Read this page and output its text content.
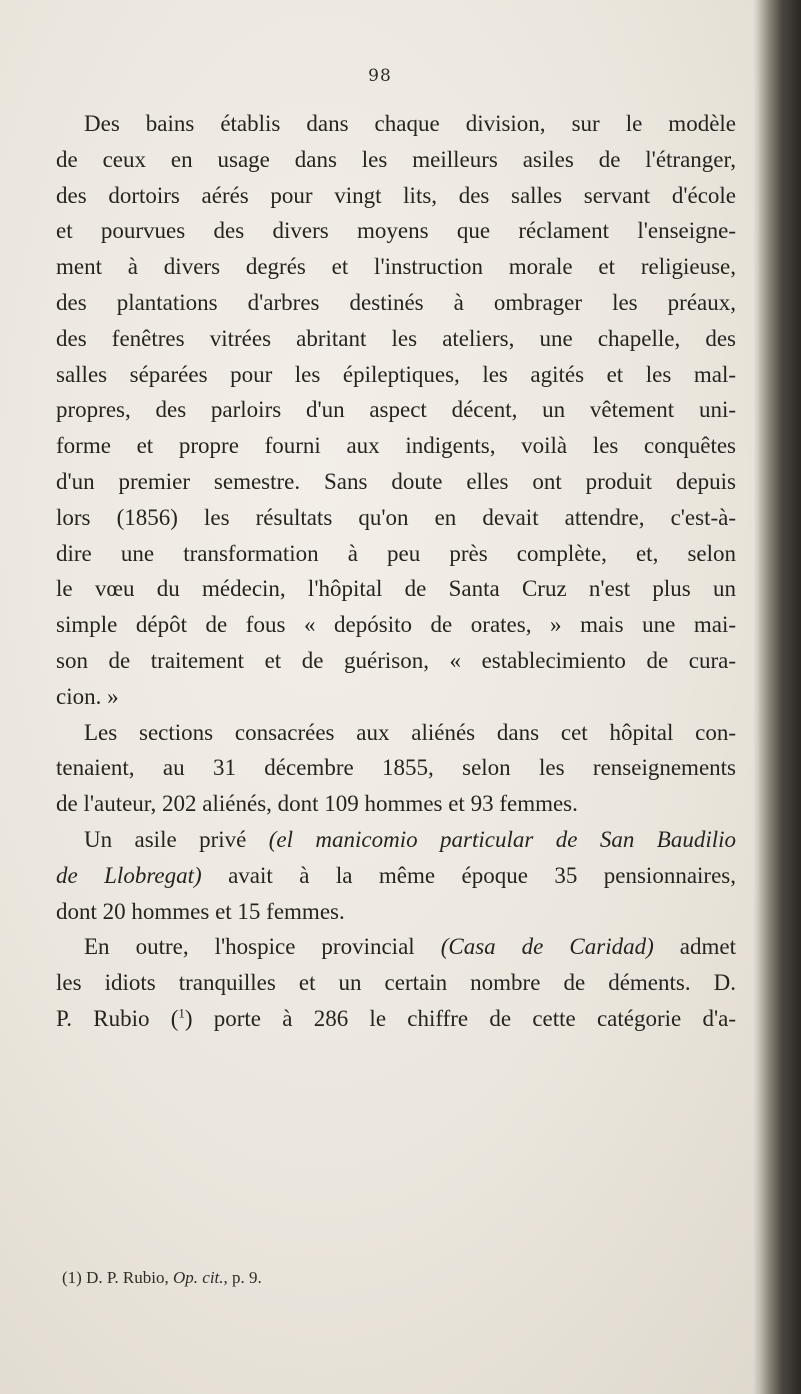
98
Des bains établis dans chaque division, sur le modèle
de ceux en usage dans les meilleurs asiles de l'étranger,
des dortoirs aérés pour vingt lits, des salles servant d'école
et pourvues des divers moyens que réclament l'enseigne-
ment à divers degrés et l'instruction morale et religieuse,
des plantations d'arbres destinés à ombrager les préaux,
des fenêtres vitrées abritant les ateliers, une chapelle, des
salles séparées pour les épileptiques, les agités et les mal-
propres, des parloirs d'un aspect décent, un vêtement uni-
forme et propre fourni aux indigents, voilà les conquêtes
d'un premier semestre. Sans doute elles ont produit depuis
lors (1856) les résultats qu'on en devait attendre, c'est-à-
dire une transformation à peu près complète, et, selon
le vœu du médecin, l'hôpital de Santa Cruz n'est plus un
simple dépôt de fous « depósito de orates, » mais une mai-
son de traitement et de guérison, « establecimiento de cura-
cion. »
Les sections consacrées aux aliénés dans cet hôpital con-
tenaient, au 31 décembre 1855, selon les renseignements
de l'auteur, 202 aliénés, dont 109 hommes et 93 femmes.
Un asile privé (el manicomio particular de San Baudilio
de Llobregat) avait à la même époque 35 pensionnaires,
dont 20 hommes et 15 femmes.
En outre, l'hospice provincial (Casa de Caridad) admet
les idiots tranquilles et un certain nombre de déments. D.
P. Rubio ($^1$) porte à 286 le chiffre de cette catégorie d'a-
(1) D. P. Rubio, Op. cit., p. 9.
